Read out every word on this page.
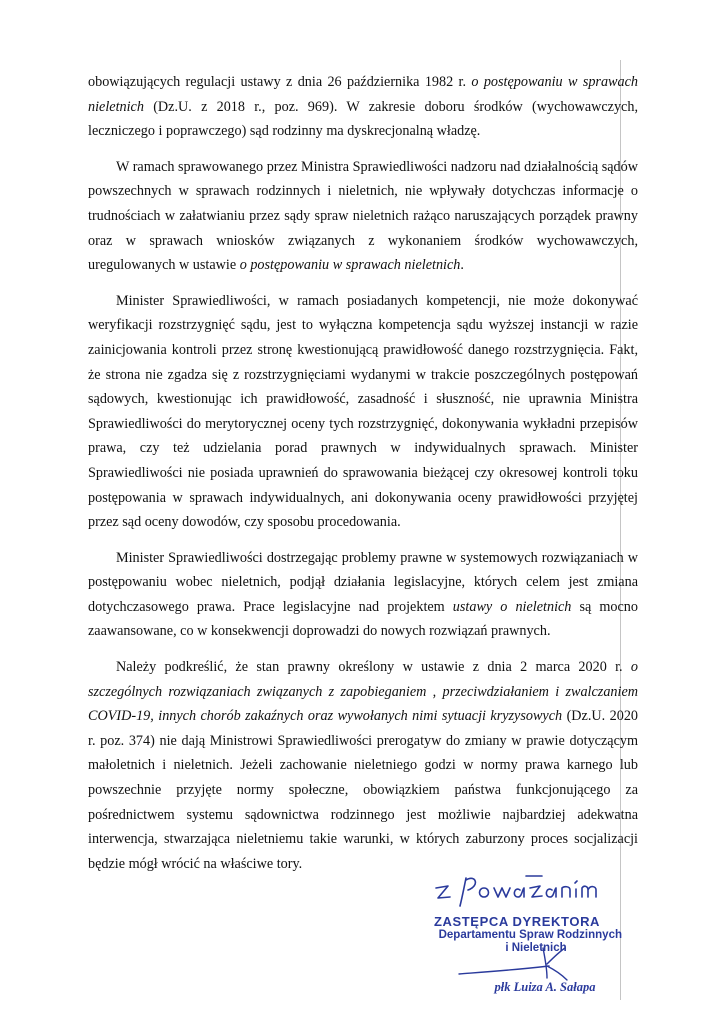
obowiązujących regulacji ustawy z dnia 26 października 1982 r. o postępowaniu w sprawach nieletnich (Dz.U. z 2018 r., poz. 969). W zakresie doboru środków (wychowawczych, leczniczego i poprawczego) sąd rodzinny ma dyskrecjonalną władzę.

W ramach sprawowanego przez Ministra Sprawiedliwości nadzoru nad działalnością sądów powszechnych w sprawach rodzinnych i nieletnich, nie wpływały dotychczas informacje o trudnościach w załatwianiu przez sądy spraw nieletnich rażąco naruszających porządek prawny oraz w sprawach wniosków związanych z wykonaniem środków wychowawczych, uregulowanych w ustawie o postępowaniu w sprawach nieletnich.

Minister Sprawiedliwości, w ramach posiadanych kompetencji, nie może dokonywać weryfikacji rozstrzygnięć sądu, jest to wyłączna kompetencja sądu wyższej instancji w razie zainicjowania kontroli przez stronę kwestionującą prawidłowość danego rozstrzygnięcia. Fakt, że strona nie zgadza się z rozstrzygnięciami wydanymi w trakcie poszczególnych postępowań sądowych, kwestionując ich prawidłowość, zasadność i słuszność, nie uprawnia Ministra Sprawiedliwości do merytorycznej oceny tych rozstrzygnięć, dokonywania wykładni przepisów prawa, czy też udzielania porad prawnych w indywidualnych sprawach. Minister Sprawiedliwości nie posiada uprawnień do sprawowania bieżącej czy okresowej kontroli toku postępowania w sprawach indywidualnych, ani dokonywania oceny prawidłowości przyjętej przez sąd oceny dowodów, czy sposobu procedowania.

Minister Sprawiedliwości dostrzegając problemy prawne w systemowych rozwiązaniach w postępowaniu wobec nieletnich, podjął działania legislacyjne, których celem jest zmiana dotychczasowego prawa. Prace legislacyjne nad projektem ustawy o nieletnich są mocno zaawansowane, co w konsekwencji doprowadzi do nowych rozwiązań prawnych.

Należy podkreślić, że stan prawny określony w ustawie z dnia 2 marca 2020 r. o szczególnych rozwiązaniach związanych z zapobieganiem , przeciwdziałaniem i zwalczaniem COVID-19, innych chorób zakaźnych oraz wywołanych nimi sytuacji kryzysowych (Dz.U. 2020 r. poz. 374) nie dają Ministrowi Sprawiedliwości prerogatyw do zmiany w prawie dotyczącym małoletnich i nieletnich. Jeżeli zachowanie nieletniego godzi w normy prawa karnego lub powszechnie przyjęte normy społeczne, obowiązkiem państwa funkcjonującego za pośrednictwem systemu sądownictwa rodzinnego jest możliwie najbardziej adekwatna interwencja, stwarzająca nieletniemu takie warunki, w których zaburzony proces socjalizacji będzie mógł wrócić na właściwe tory.

ZASTĘPCA DYREKTORA
Departamentu Spraw Rodzinnych
i Nieletnich
płk Luiza A. Sałapa
